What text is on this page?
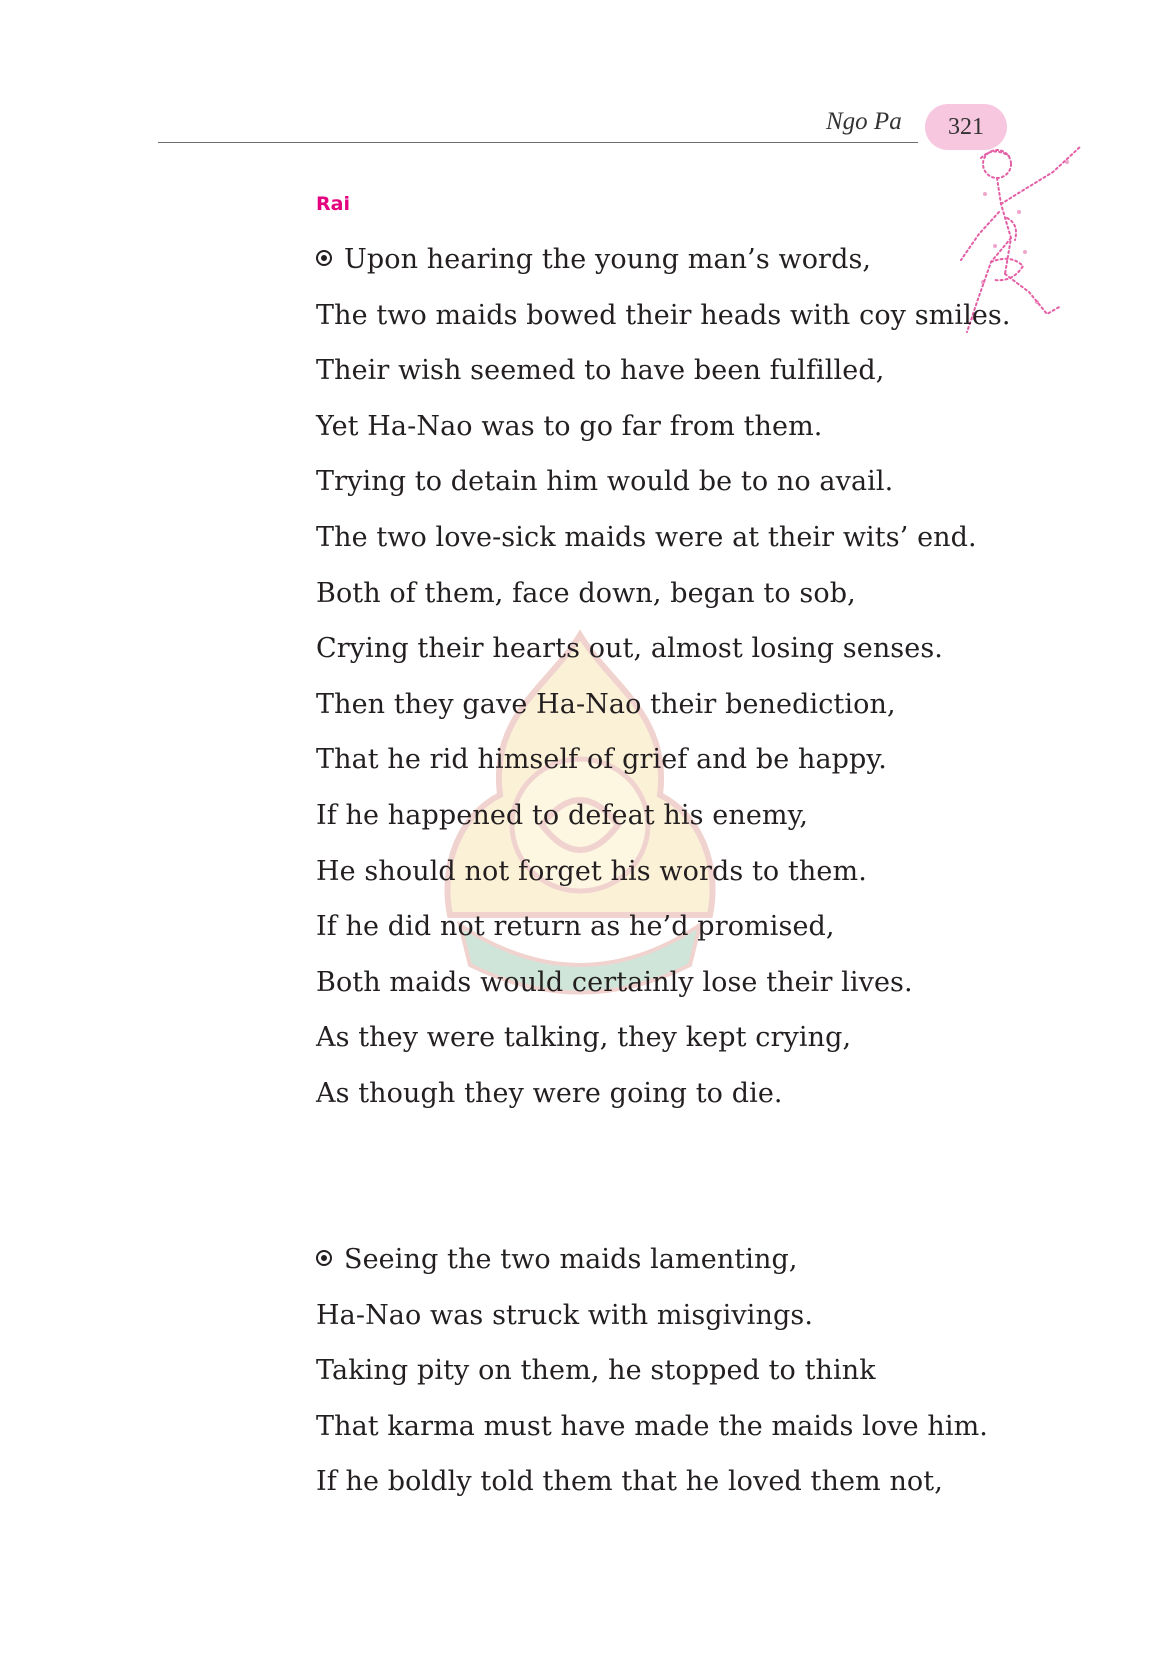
Ngo Pa 321
Rai
Upon hearing the young man’s words,
The two maids bowed their heads with coy smiles.
Their wish seemed to have been fulfilled,
Yet Ha-Nao was to go far from them.
Trying to detain him would be to no avail.
The two love-sick maids were at their wits’ end.
Both of them, face down, began to sob,
Crying their hearts out, almost losing senses.
Then they gave Ha-Nao their benediction,
That he rid himself of grief and be happy.
If he happened to defeat his enemy,
He should not forget his words to them.
If he did not return as he’d promised,
Both maids would certainly lose their lives.
As they were talking, they kept crying,
As though they were going to die.
Seeing the two maids lamenting,
Ha-Nao was struck with misgivings.
Taking pity on them, he stopped to think
That karma must have made the maids love him.
If he boldly told them that he loved them not,
